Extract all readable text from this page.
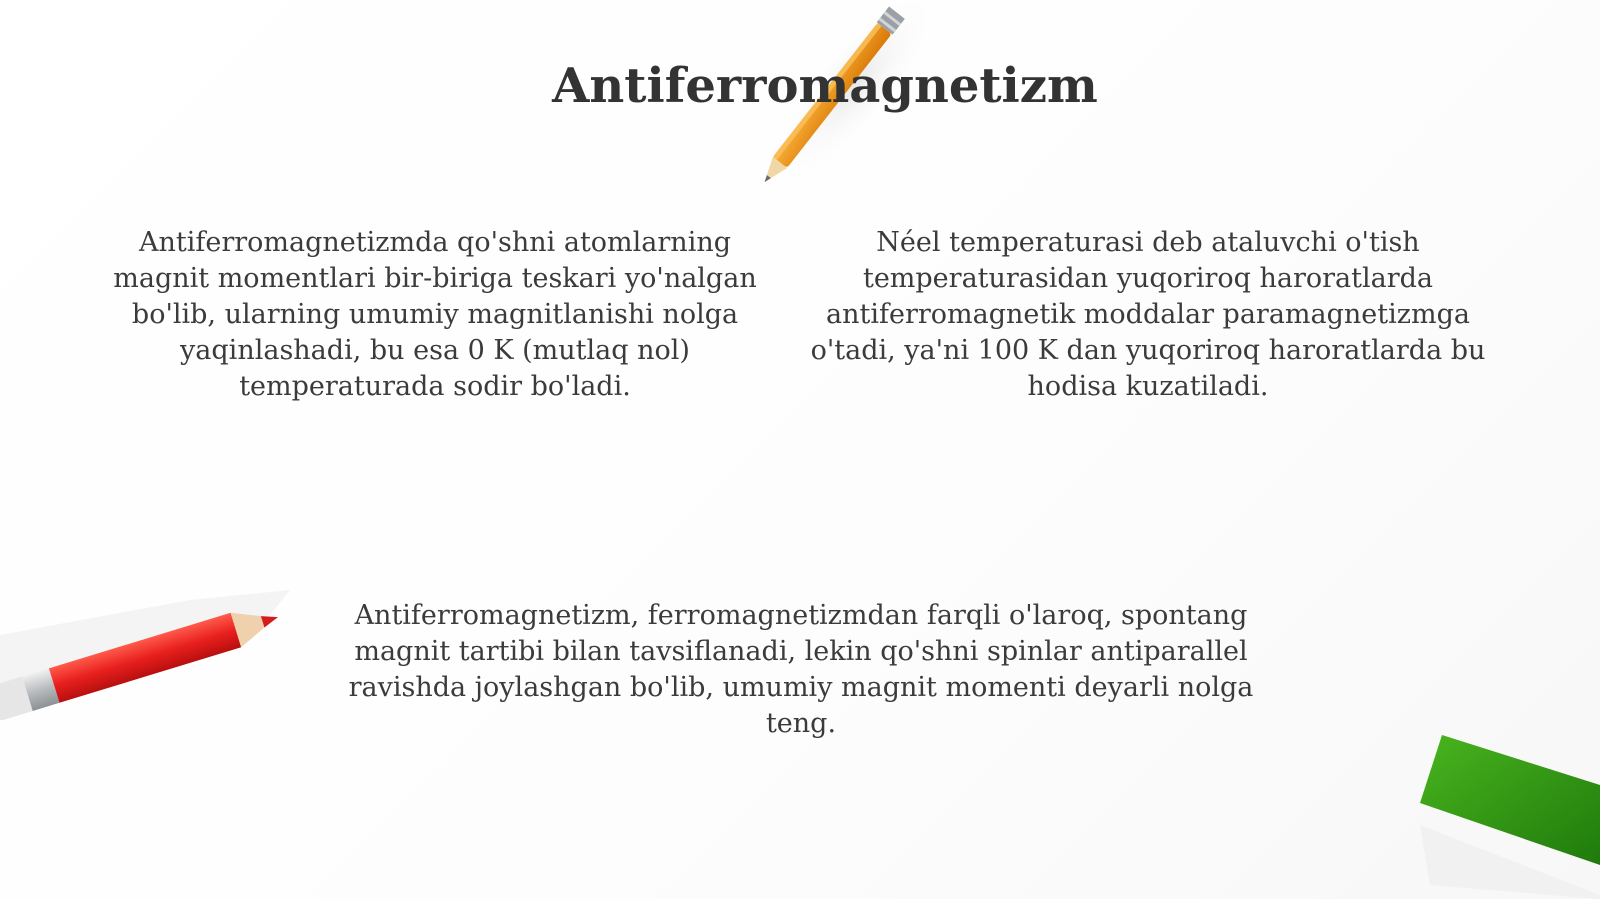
Antiferromagnetizm

Antiferromagnetizmda qo'shni atomlarning magnit momentlari bir-biriga teskari yo'nalgan bo'lib, ularning umumiy magnitlanishi nolga yaqinlashadi, bu esa 0 K (mutlaq nol) temperaturada sodir bo'ladi.

Néel temperaturasi deb ataluvchi o'tish temperaturasidan yuqoriroq haroratlarda antiferromagnetik moddalar paramagnetizmga o'tadi, ya'ni 100 K dan yuqoriroq haroratlarda bu hodisa kuzatiladi.

Antiferromagnetizm, ferromagnetizmdan farqli o'laroq, spontang magnit tartibi bilan tavsiflanadi, lekin qo'shni spinlar antiparallel ravishda joylashgan bo'lib, umumiy magnit momenti deyarli nolga teng.
